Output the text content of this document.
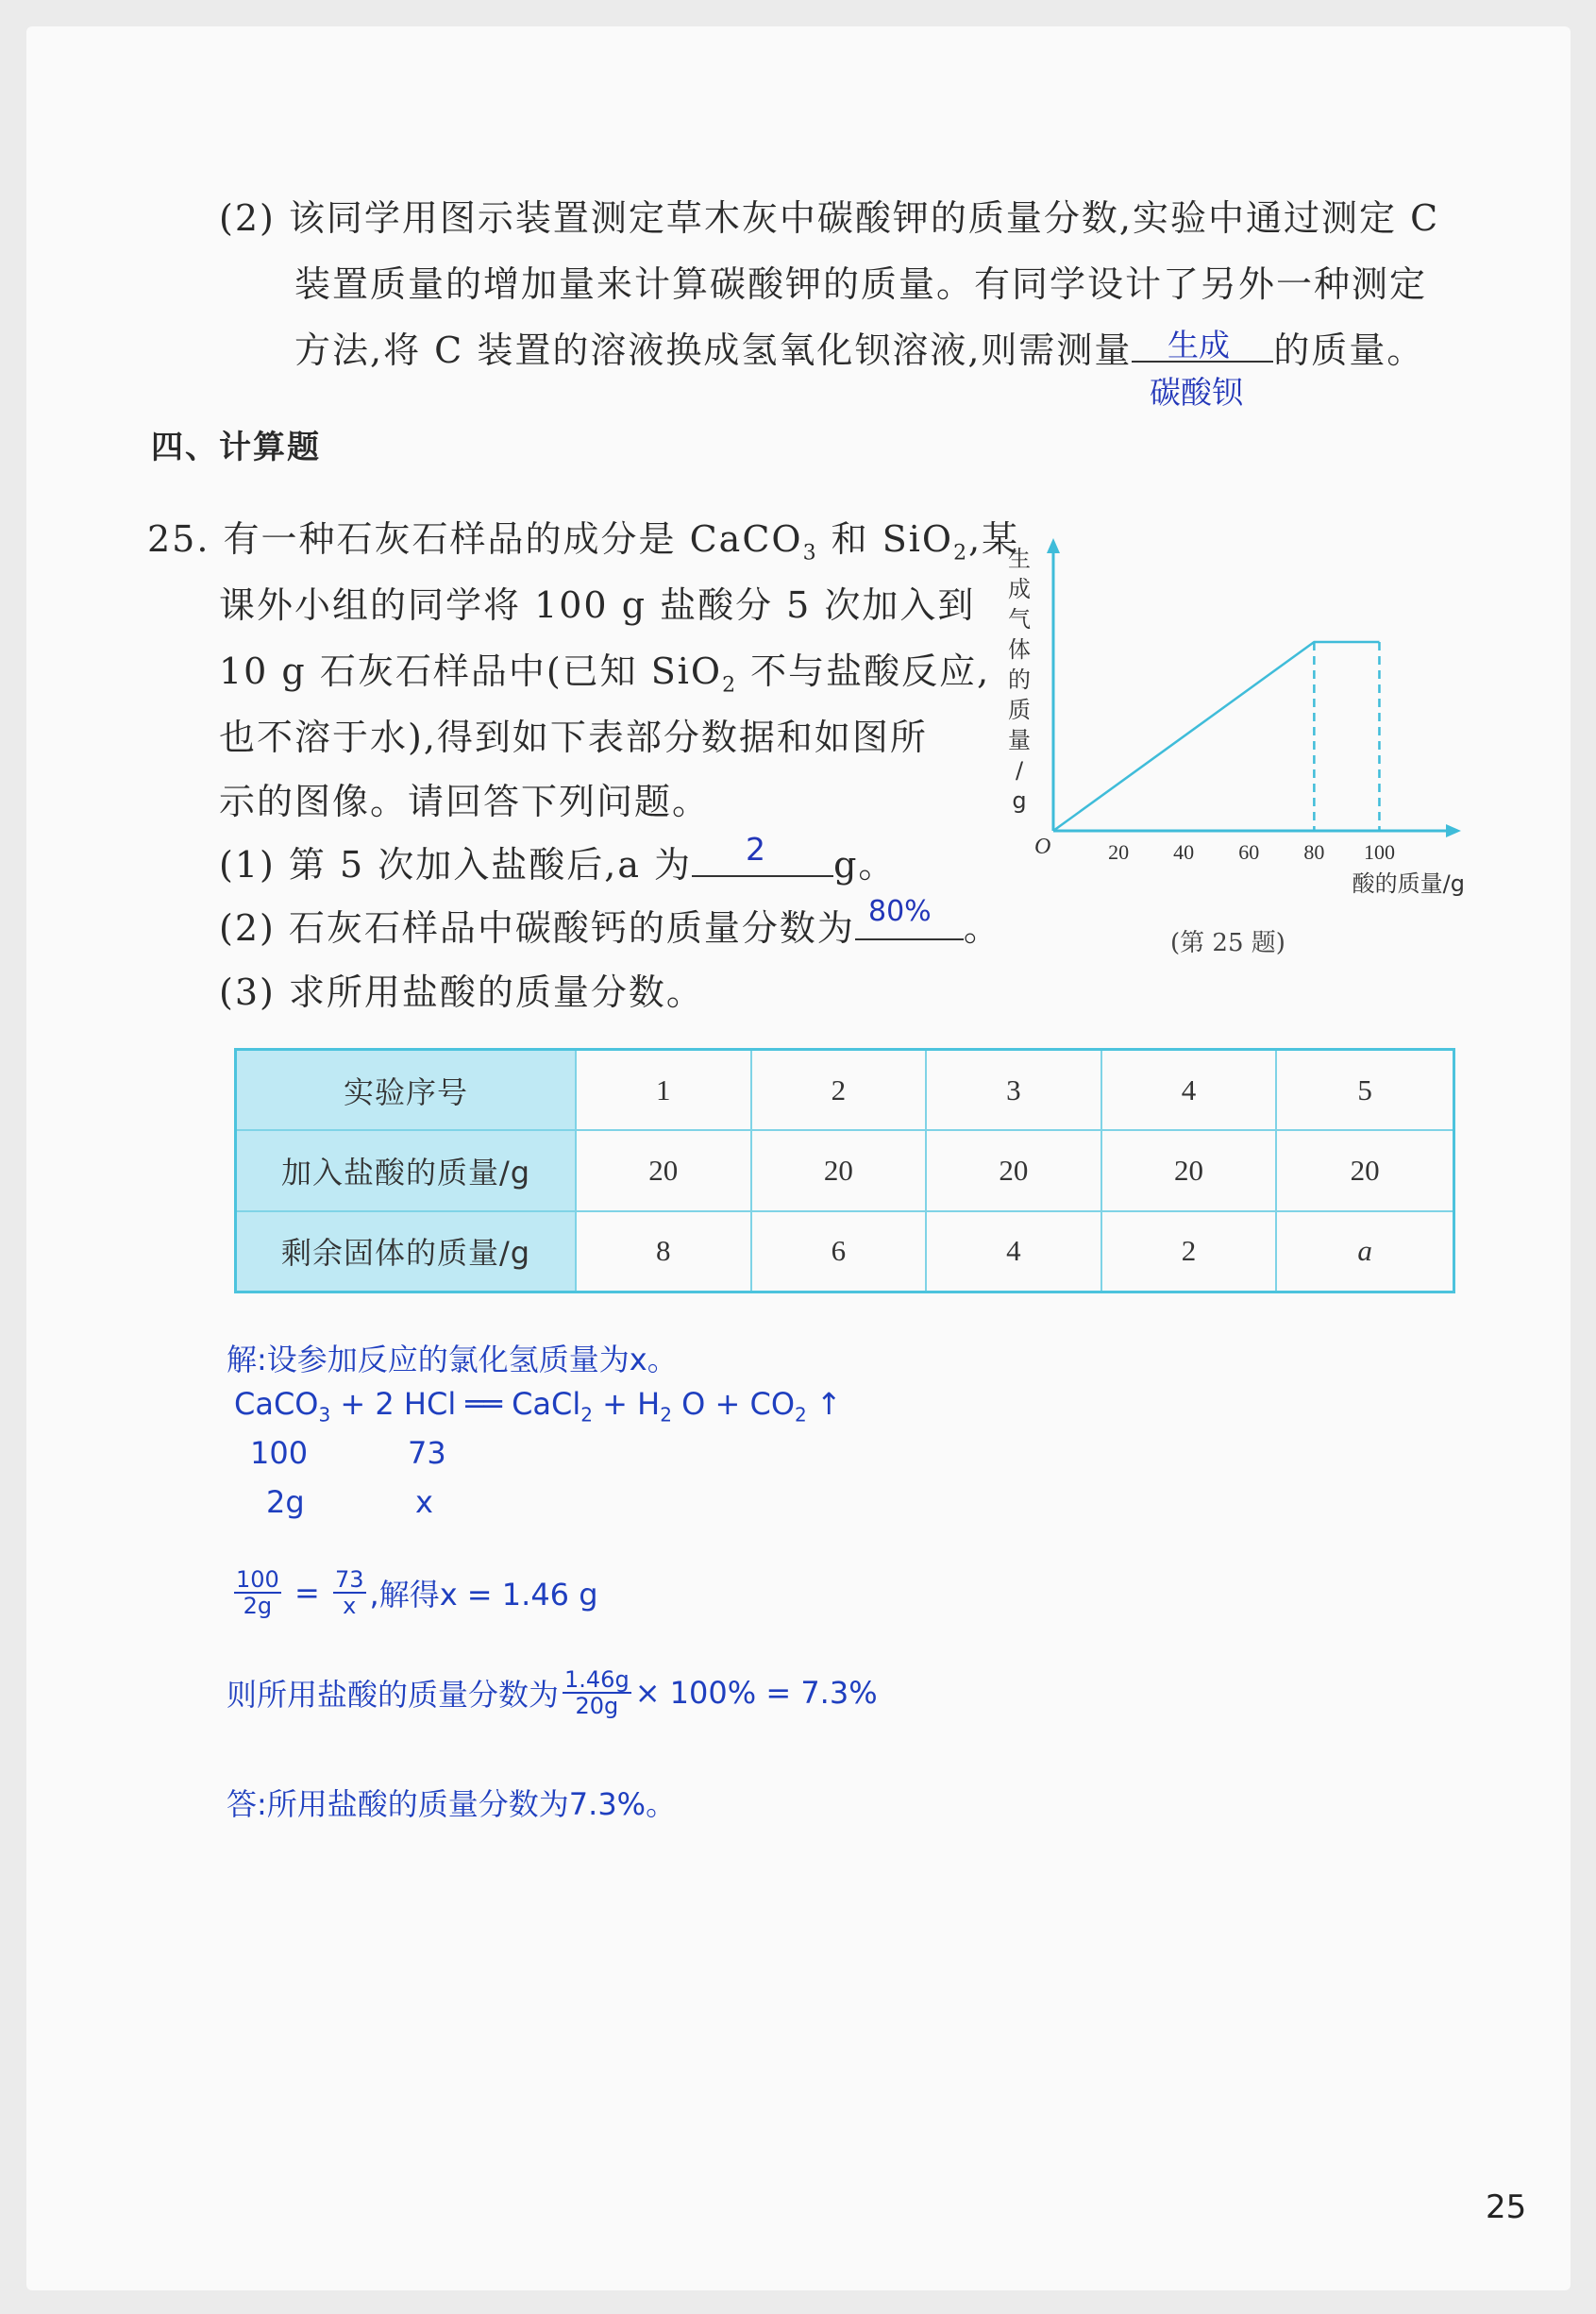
(2) 该同学用图示装置测定草木灰中碳酸钾的质量分数,实验中通过测定 C
装置质量的增加量来计算碳酸钾的质量。有同学设计了另外一种测定
方法,将 C 装置的溶液换成氢氧化钡溶液,则需测量	的质量。
生成
碳酸钡
四、计算题
25. 有一种石灰石样品的成分是 CaCO$_3$ 和 SiO$_2$,某
课外小组的同学将 100 g 盐酸分 5 次加入到
10 g 石灰石样品中(已知 SiO$_2$ 不与盐酸反应,
也不溶于水),得到如下表部分数据和如图所
示的图像。请回答下列问题。
(1) 第 5 次加入盐酸后,a 为	g。
2
(2) 石灰石样品中碳酸钙的质量分数为	。
80%
(3) 求所用盐酸的质量分数。
20 40 60 80 100
O
生
成
气
体
的
质
量
/
g
酸的质量/g
(第 25 题)
实验序号	1	2	3	4	5
加入盐酸的质量/g	20	20	20	20	20
剩余固体的质量/g	8	6	4	2	a
解:设参加反应的氯化氢质量为x。
CaCO$_3$ + 2 HCl ══ CaCl$_2$ + $H_2$ $O + CO_2$ ↑
100	73
2g	x
$\frac{100}{2g} = \frac{73}{x}$ ,解得x = 1.46 g
则所用盐酸的质量分数为 $\frac{1.46g}{20g} \times 100\% = 7.3\%$
答:所用盐酸的质量分数为7.3%。
25
